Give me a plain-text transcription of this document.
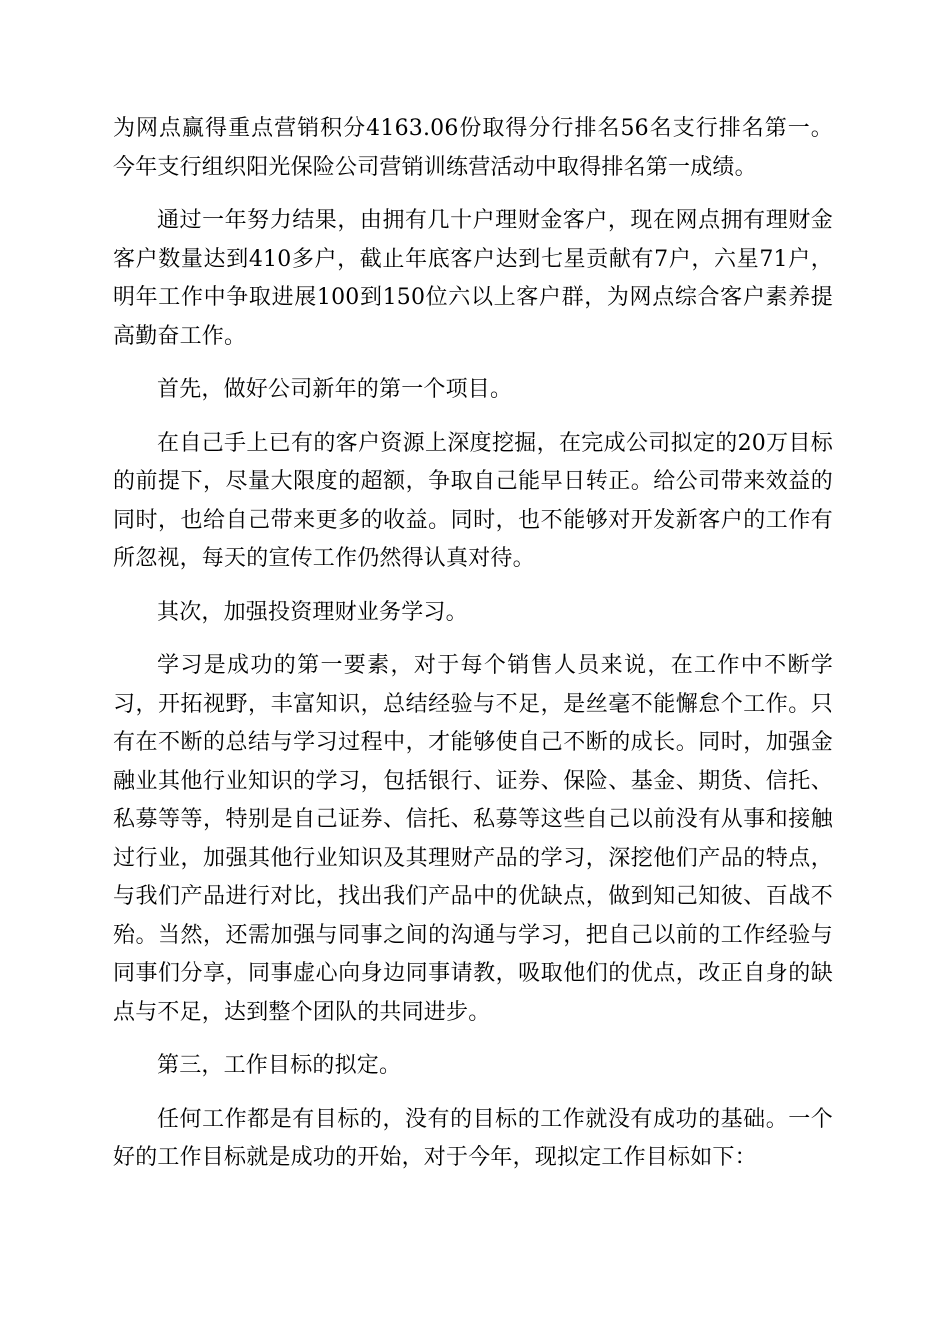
为网点赢得重点营销积分4163.06份取得分行排名56名支行排名第一。今年支行组织阳光保险公司营销训练营活动中取得排名第一成绩。

通过一年努力结果，由拥有几十户理财金客户，现在网点拥有理财金客户数量达到410多户，截止年底客户达到七星贡献有7户，六星71户，明年工作中争取进展100到150位六以上客户群，为网点综合客户素养提高勤奋工作。

首先，做好公司新年的第一个项目。

在自己手上已有的客户资源上深度挖掘，在完成公司拟定的20万目标的前提下，尽量大限度的超额，争取自己能早日转正。给公司带来效益的同时，也给自己带来更多的收益。同时，也不能够对开发新客户的工作有所忽视，每天的宣传工作仍然得认真对待。

其次，加强投资理财业务学习。

学习是成功的第一要素，对于每个销售人员来说，在工作中不断学习，开拓视野，丰富知识，总结经验与不足，是丝毫不能懈怠个工作。只有在不断的总结与学习过程中，才能够使自己不断的成长。同时，加强金融业其他行业知识的学习，包括银行、证券、保险、基金、期货、信托、私募等等，特别是自己证券、信托、私募等这些自己以前没有从事和接触过行业，加强其他行业知识及其理财产品的学习，深挖他们产品的特点，与我们产品进行对比，找出我们产品中的优缺点，做到知己知彼、百战不殆。当然，还需加强与同事之间的沟通与学习，把自己以前的工作经验与同事们分享，同事虚心向身边同事请教，吸取他们的优点，改正自身的缺点与不足，达到整个团队的共同进步。

第三，工作目标的拟定。

任何工作都是有目标的，没有的目标的工作就没有成功的基础。一个好的工作目标就是成功的开始，对于今年，现拟定工作目标如下：
